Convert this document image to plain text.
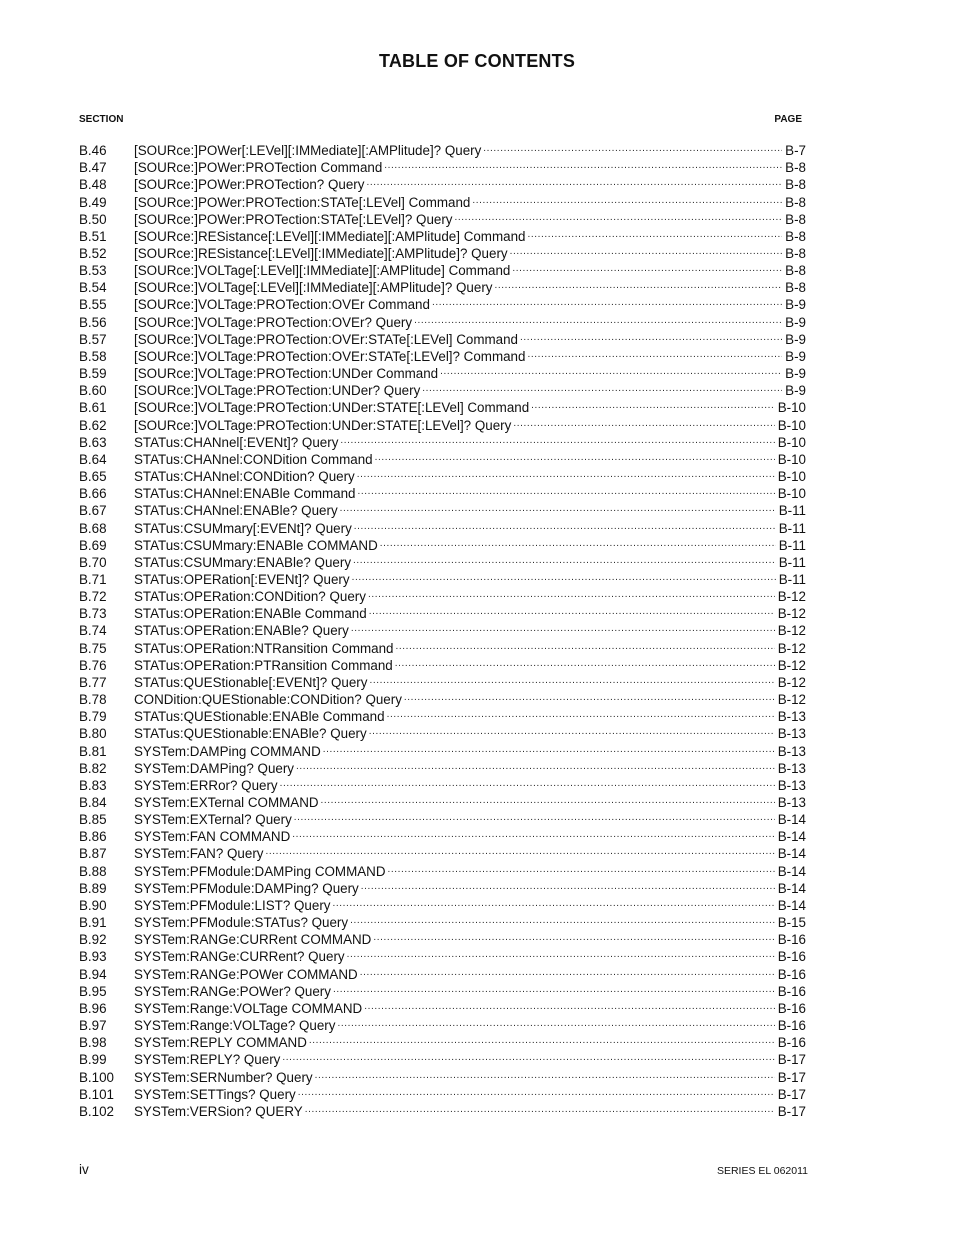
TABLE OF CONTENTS
SECTION	PAGE
B.46	[SOURce:]POWer[:LEVel][:IMMediate][:AMPlitude]? Query .....	B-7
B.47	[SOURce:]POWer:PROTection Command .....	B-8
B.48	[SOURce:]POWer:PROTection? Query .....	B-8
B.49	[SOURce:]POWer:PROTection:STATe[:LEVel] Command .....	B-8
B.50	[SOURce:]POWer:PROTection:STATe[:LEVel]? Query .....	B-8
B.51	[SOURce:]RESistance[:LEVel][:IMMediate][:AMPlitude] Command .....	B-8
B.52	[SOURce:]RESistance[:LEVel][:IMMediate][:AMPlitude]? Query .....	B-8
B.53	[SOURce:]VOLTage[:LEVel][:IMMediate][:AMPlitude] Command .....	B-8
B.54	[SOURce:]VOLTage[:LEVel][:IMMediate][:AMPlitude]? Query .....	B-8
B.55	[SOURce:]VOLTage:PROTection:OVEr Command .....	B-9
B.56	[SOURce:]VOLTage:PROTection:OVEr? Query .....	B-9
B.57	[SOURce:]VOLTage:PROTection:OVEr:STATe[:LEVel] Command .....	B-9
B.58	[SOURce:]VOLTage:PROTection:OVEr:STATe[:LEVel]? Command .....	B-9
B.59	[SOURce:]VOLTage:PROTection:UNDer Command .....	B-9
B.60	[SOURce:]VOLTage:PROTection:UNDer? Query .....	B-9
B.61	[SOURce:]VOLTage:PROTection:UNDer:STATE[:LEVel] Command .....	B-10
B.62	[SOURce:]VOLTage:PROTection:UNDer:STATE[:LEVel]? Query .....	B-10
B.63	STATus:CHANnel[:EVENt]? Query .....	B-10
B.64	STATus:CHANnel:CONDition Command .....	B-10
B.65	STATus:CHANnel:CONDition? Query .....	B-10
B.66	STATus:CHANnel:ENABle Command .....	B-10
B.67	STATus:CHANnel:ENABle? Query .....	B-11
B.68	STATus:CSUMmary[:EVENt]? Query .....	B-11
B.69	STATus:CSUMmary:ENABle COMMAND .....	B-11
B.70	STATus:CSUMmary:ENABle? Query .....	B-11
B.71	STATus:OPERation[:EVENt]? Query .....	B-11
B.72	STATus:OPERation:CONDition? Query .....	B-12
B.73	STATus:OPERation:ENABle Command .....	B-12
B.74	STATus:OPERation:ENABle? Query .....	B-12
B.75	STATus:OPERation:NTRansition Command .....	B-12
B.76	STATus:OPERation:PTRansition Command .....	B-12
B.77	STATus:QUEStionable[:EVENt]? Query .....	B-12
B.78	CONDition:QUEStionable:CONDition? Query .....	B-12
B.79	STATus:QUEStionable:ENABle Command .....	B-13
B.80	STATus:QUEStionable:ENABle? Query .....	B-13
B.81	SYSTem:DAMPing COMMAND .....	B-13
B.82	SYSTem:DAMPing? Query .....	B-13
B.83	SYSTem:ERRor? Query .....	B-13
B.84	SYSTem:EXTernal COMMAND .....	B-13
B.85	SYSTem:EXTernal? Query .....	B-14
B.86	SYSTem:FAN COMMAND .....	B-14
B.87	SYSTem:FAN? Query .....	B-14
B.88	SYSTem:PFModule:DAMPing COMMAND .....	B-14
B.89	SYSTem:PFModule:DAMPing? Query .....	B-14
B.90	SYSTem:PFModule:LIST? Query .....	B-14
B.91	SYSTem:PFModule:STATus? Query .....	B-15
B.92	SYSTem:RANGe:CURRent COMMAND .....	B-16
B.93	SYSTem:RANGe:CURRent? Query .....	B-16
B.94	SYSTem:RANGe:POWer COMMAND .....	B-16
B.95	SYSTem:RANGe:POWer? Query .....	B-16
B.96	SYSTem:Range:VOLTage COMMAND .....	B-16
B.97	SYSTem:Range:VOLTage? Query .....	B-16
B.98	SYSTem:REPLY COMMAND .....	B-16
B.99	SYSTem:REPLY? Query .....	B-17
B.100	SYSTem:SERNumber? Query .....	B-17
B.101	SYSTem:SETTings? Query .....	B-17
B.102	SYSTem:VERSion? QUERY .....	B-17
iv	SERIES EL 062011
